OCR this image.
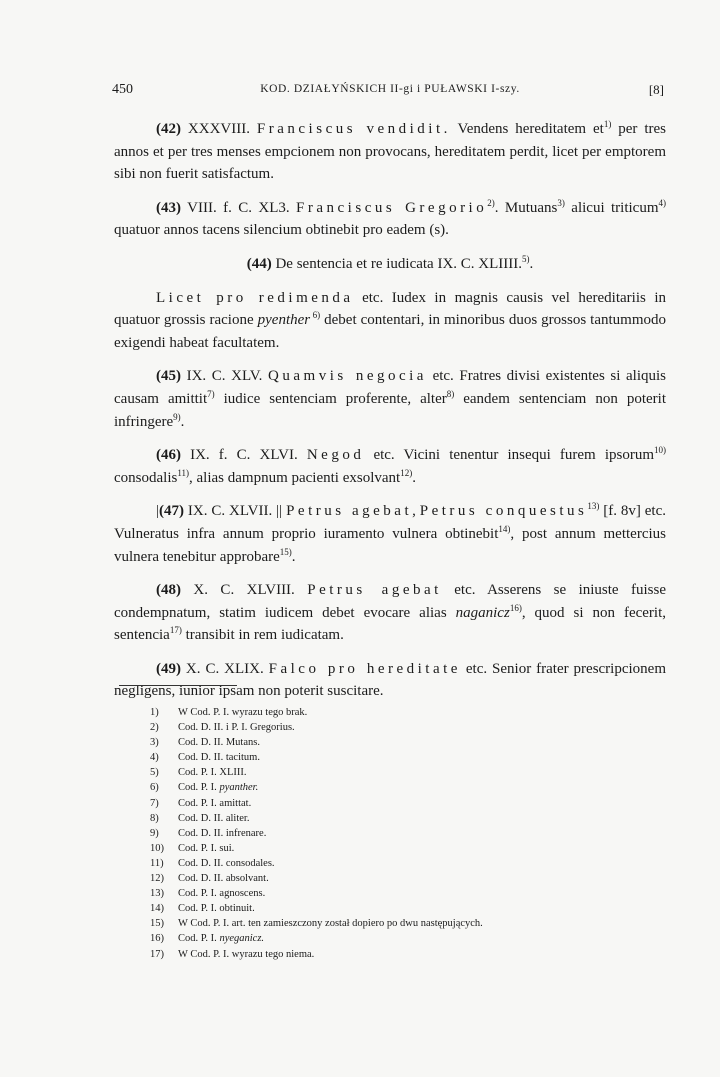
450	KOD. DZIAŁYŃSKICH II-gi i PUŁAWSKI I-szy.	[8]

(42) XXXVIII. Franciscus vendidit. Vendens hereditatem $et^{1)}$ per tres annos et per tres menses empcionem non provocans, hereditatem perdit, licet per emptorem sibi non fuerit satisfactum.

(43) VIII. f. C. XL3. Franciscus Gregorio$^{2)}$. Mutuans$^{3)}$ alicui triticum$^{4)}$ quatuor annos tacens silencium obtinebit pro eadem (s).

(44) De sentencia et re iudicata IX. C. XLIIII.$^{5)}$.

Licet pro redimenda etc. Iudex in magnis causis vel hereditariis in quatuor grossis racione pyenther $^{6)}$ debet contentari, in minoribus duos grossos tantummodo exigendi habeat facultatem.

(45) IX. C. XLV. Quamvis negocia etc. Fratres divisi existentes si aliquis causam amittit$^{7)}$ iudice sentenciam proferente, alter$^{8)}$ eandem sentenciam non poterit infringere$^{9)}$.

(46) IX. f. C. XLVI. Negod etc. Vicini tenentur insequi furem ipsorum$^{10)}$ consodalis$^{11)}$, alias dampnum pacienti exsolvant$^{12)}$.

|(47) IX. C. XLVII. || Petrus agebat, Petrus conquestus$^{13)}$ [f. 8v] etc. Vulneratus infra annum proprio iuramento vulnera obtinebit$^{14)}$, post annum mettercius vulnera tenebitur approbare$^{15)}$.

(48) X. C. XLVIII. Petrus agebat etc. Asserens se iniuste fuisse condempnatum, statim iudicem debet evocare alias naganicz$^{16)}$, quod si non fecerit, sentencia$^{17)}$ transibit in rem iudicatam.

(49) X. C. XLIX. Falco pro hereditate etc. Senior frater prescripcionem negligens, iunior ipsam non poterit suscitare.

1) W Cod. P. I. wyrazu tego brak.
2) Cod. D. II. i P. I. Gregorius.
3) Cod. D. II. Mutans.
4) Cod. D. II. tacitum.
5) Cod. P. I. XLIII.
6) Cod. P. I. pyanther.
7) Cod. P. I. amittat.
8) Cod. D. II. aliter.
9) Cod. D. II. infrenare.
10) Cod. P. I. sui.
11) Cod. D. II. consodales.
12) Cod. D. II. absolvant.
13) Cod. P. I. agnoscens.
14) Cod. P. I. obtinuit.
15) W Cod. P. I. art. ten zamieszczony został dopiero po dwu następujących.
16) Cod. P. I. nyeganicz.
17) W Cod. P. I. wyrazu tego niema.
